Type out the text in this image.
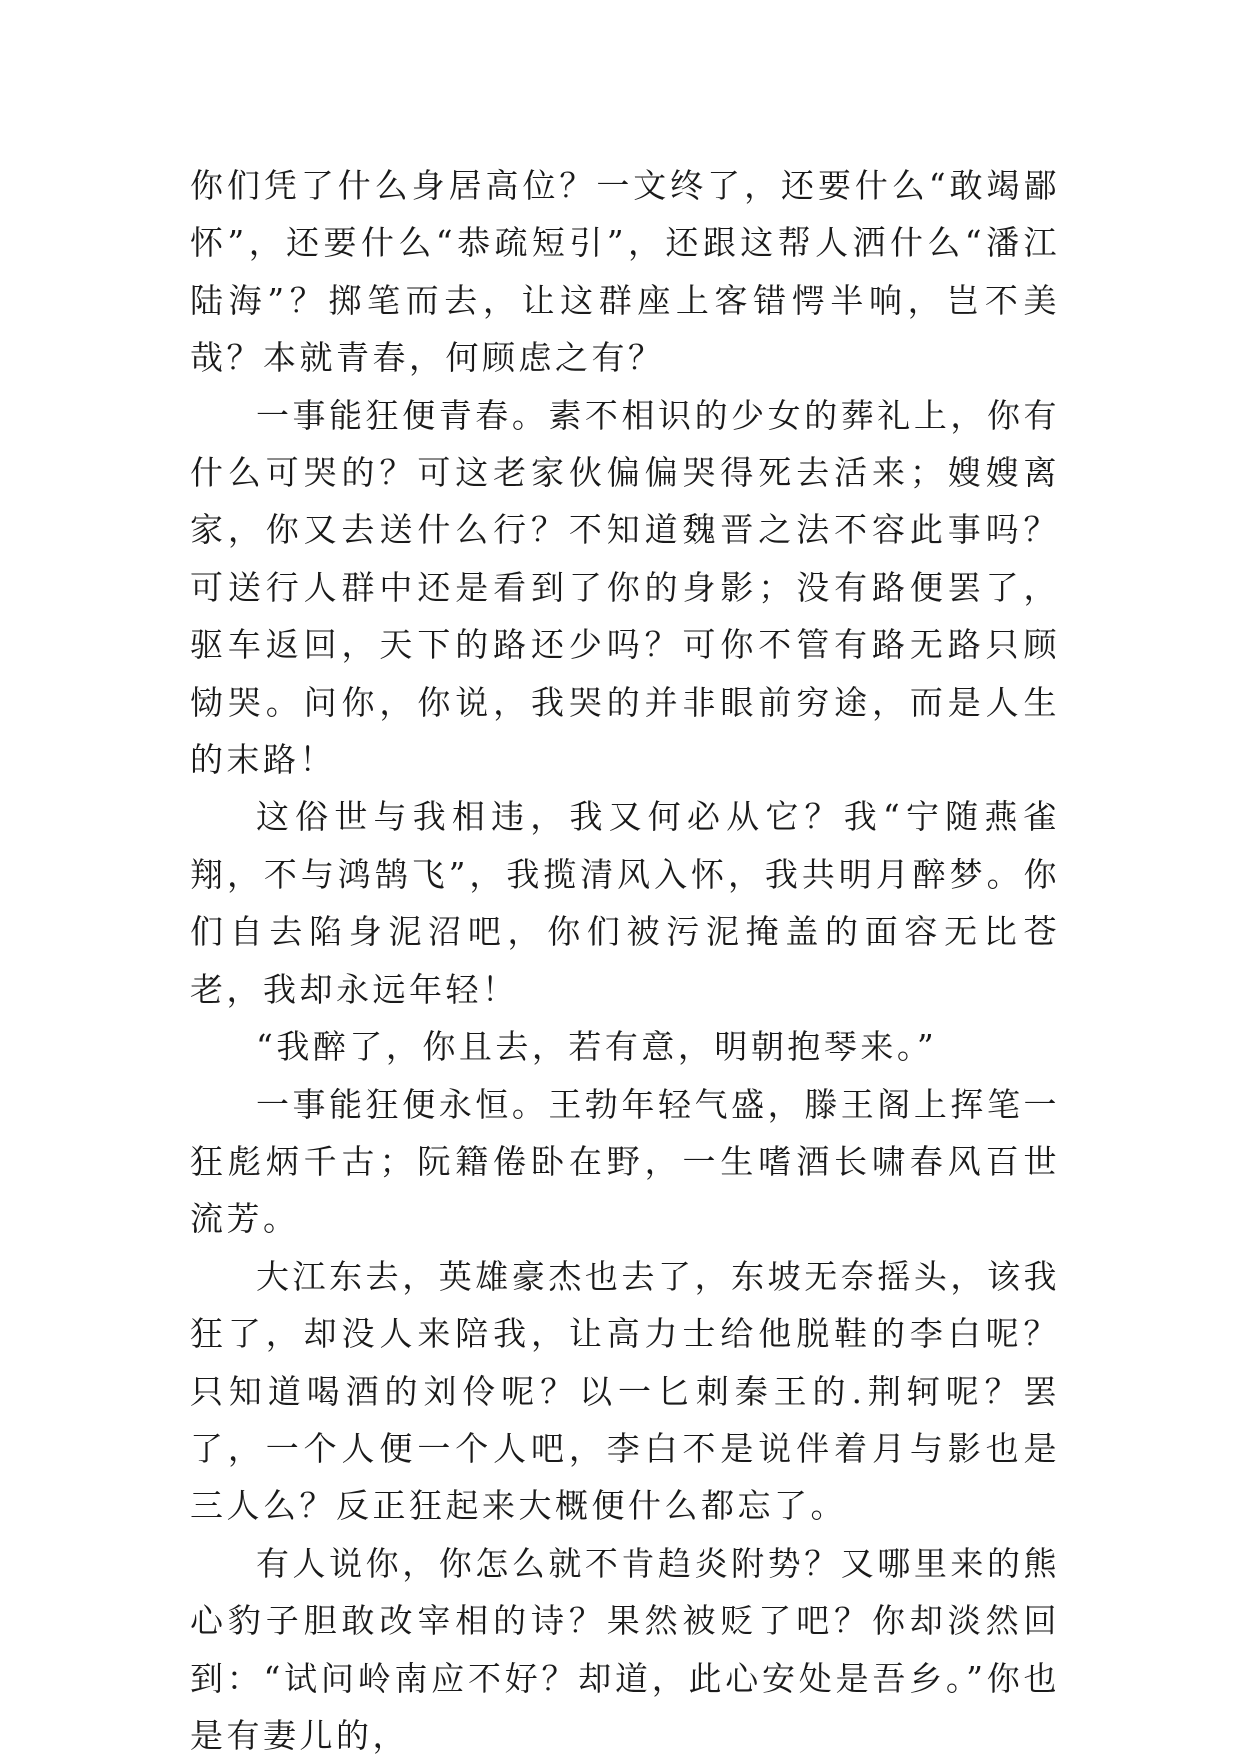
你们凭了什么身居高位？一文终了，还要什么“敢竭鄙怀”，还要什么“恭疏短引”，还跟这帮人洒什么“潘江陆海”？掷笔而去，让这群座上客错愕半响，岂不美哉？本就青春，何顾虑之有？

一事能狂便青春。素不相识的少女的葬礼上，你有什么可哭的？可这老家伙偏偏哭得死去活来；嫂嫂离家，你又去送什么行？不知道魏晋之法不容此事吗？可送行人群中还是看到了你的身影；没有路便罢了，驱车返回，天下的路还少吗？可你不管有路无路只顾恸哭。问你，你说，我哭的并非眼前穷途，而是人生的末路！

这俗世与我相违，我又何必从它？我“宁随燕雀翔，不与鸿鹄飞”，我揽清风入怀，我共明月醉梦。你们自去陷身泥沼吧，你们被污泥掩盖的面容无比苍老，我却永远年轻！

“我醉了，你且去，若有意，明朝抱琴来。”

一事能狂便永恒。王勃年轻气盛，滕王阁上挥笔一狂彪炳千古；阮籍倦卧在野，一生嗜酒长啸春风百世流芳。

大江东去，英雄豪杰也去了，东坡无奈摇头，该我狂了，却没人来陪我，让高力士给他脱鞋的李白呢？只知道喝酒的刘伶呢？以一匕刺秦王的.荆轲呢？罢了，一个人便一个人吧，李白不是说伴着月与影也是三人么？反正狂起来大概便什么都忘了。

有人说你，你怎么就不肯趋炎附势？又哪里来的熊心豹子胆敢改宰相的诗？果然被贬了吧？你却淡然回到：“试问岭南应不好？却道，此心安处是吾乡。”你也是有妻儿的，
